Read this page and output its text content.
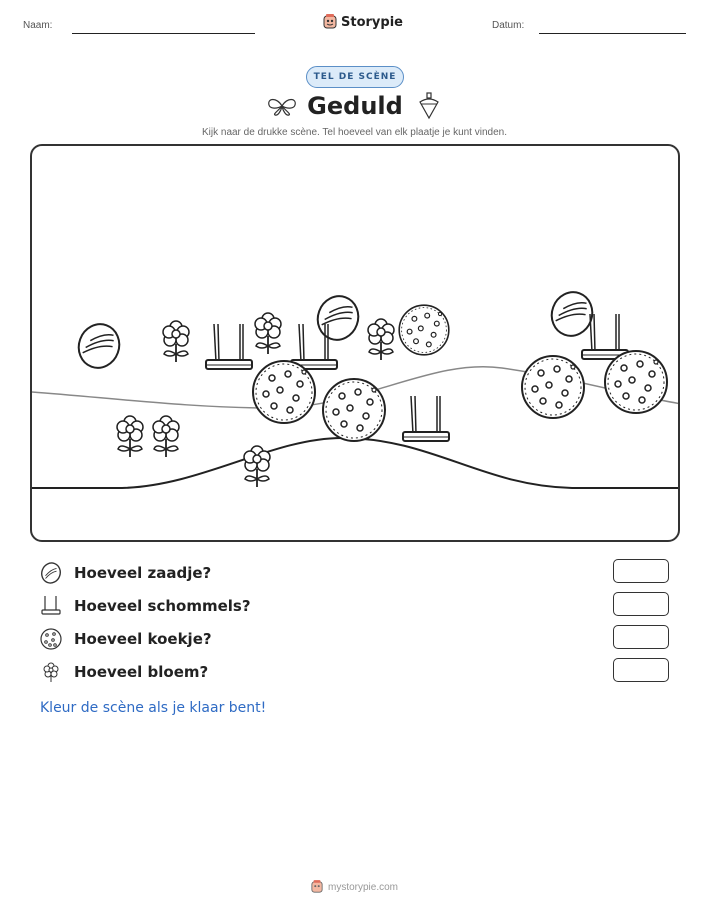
Naam:	Storypie	Datum:
TEL DE SCÈNE
Geduld
Kijk naar de drukke scène. Tel hoeveel van elk plaatje je kunt vinden.
Hoeveel zaadje?
Hoeveel schommels?
Hoeveel koekje?
Hoeveel bloem?
Kleur de scène als je klaar bent!
mystorypie.com
